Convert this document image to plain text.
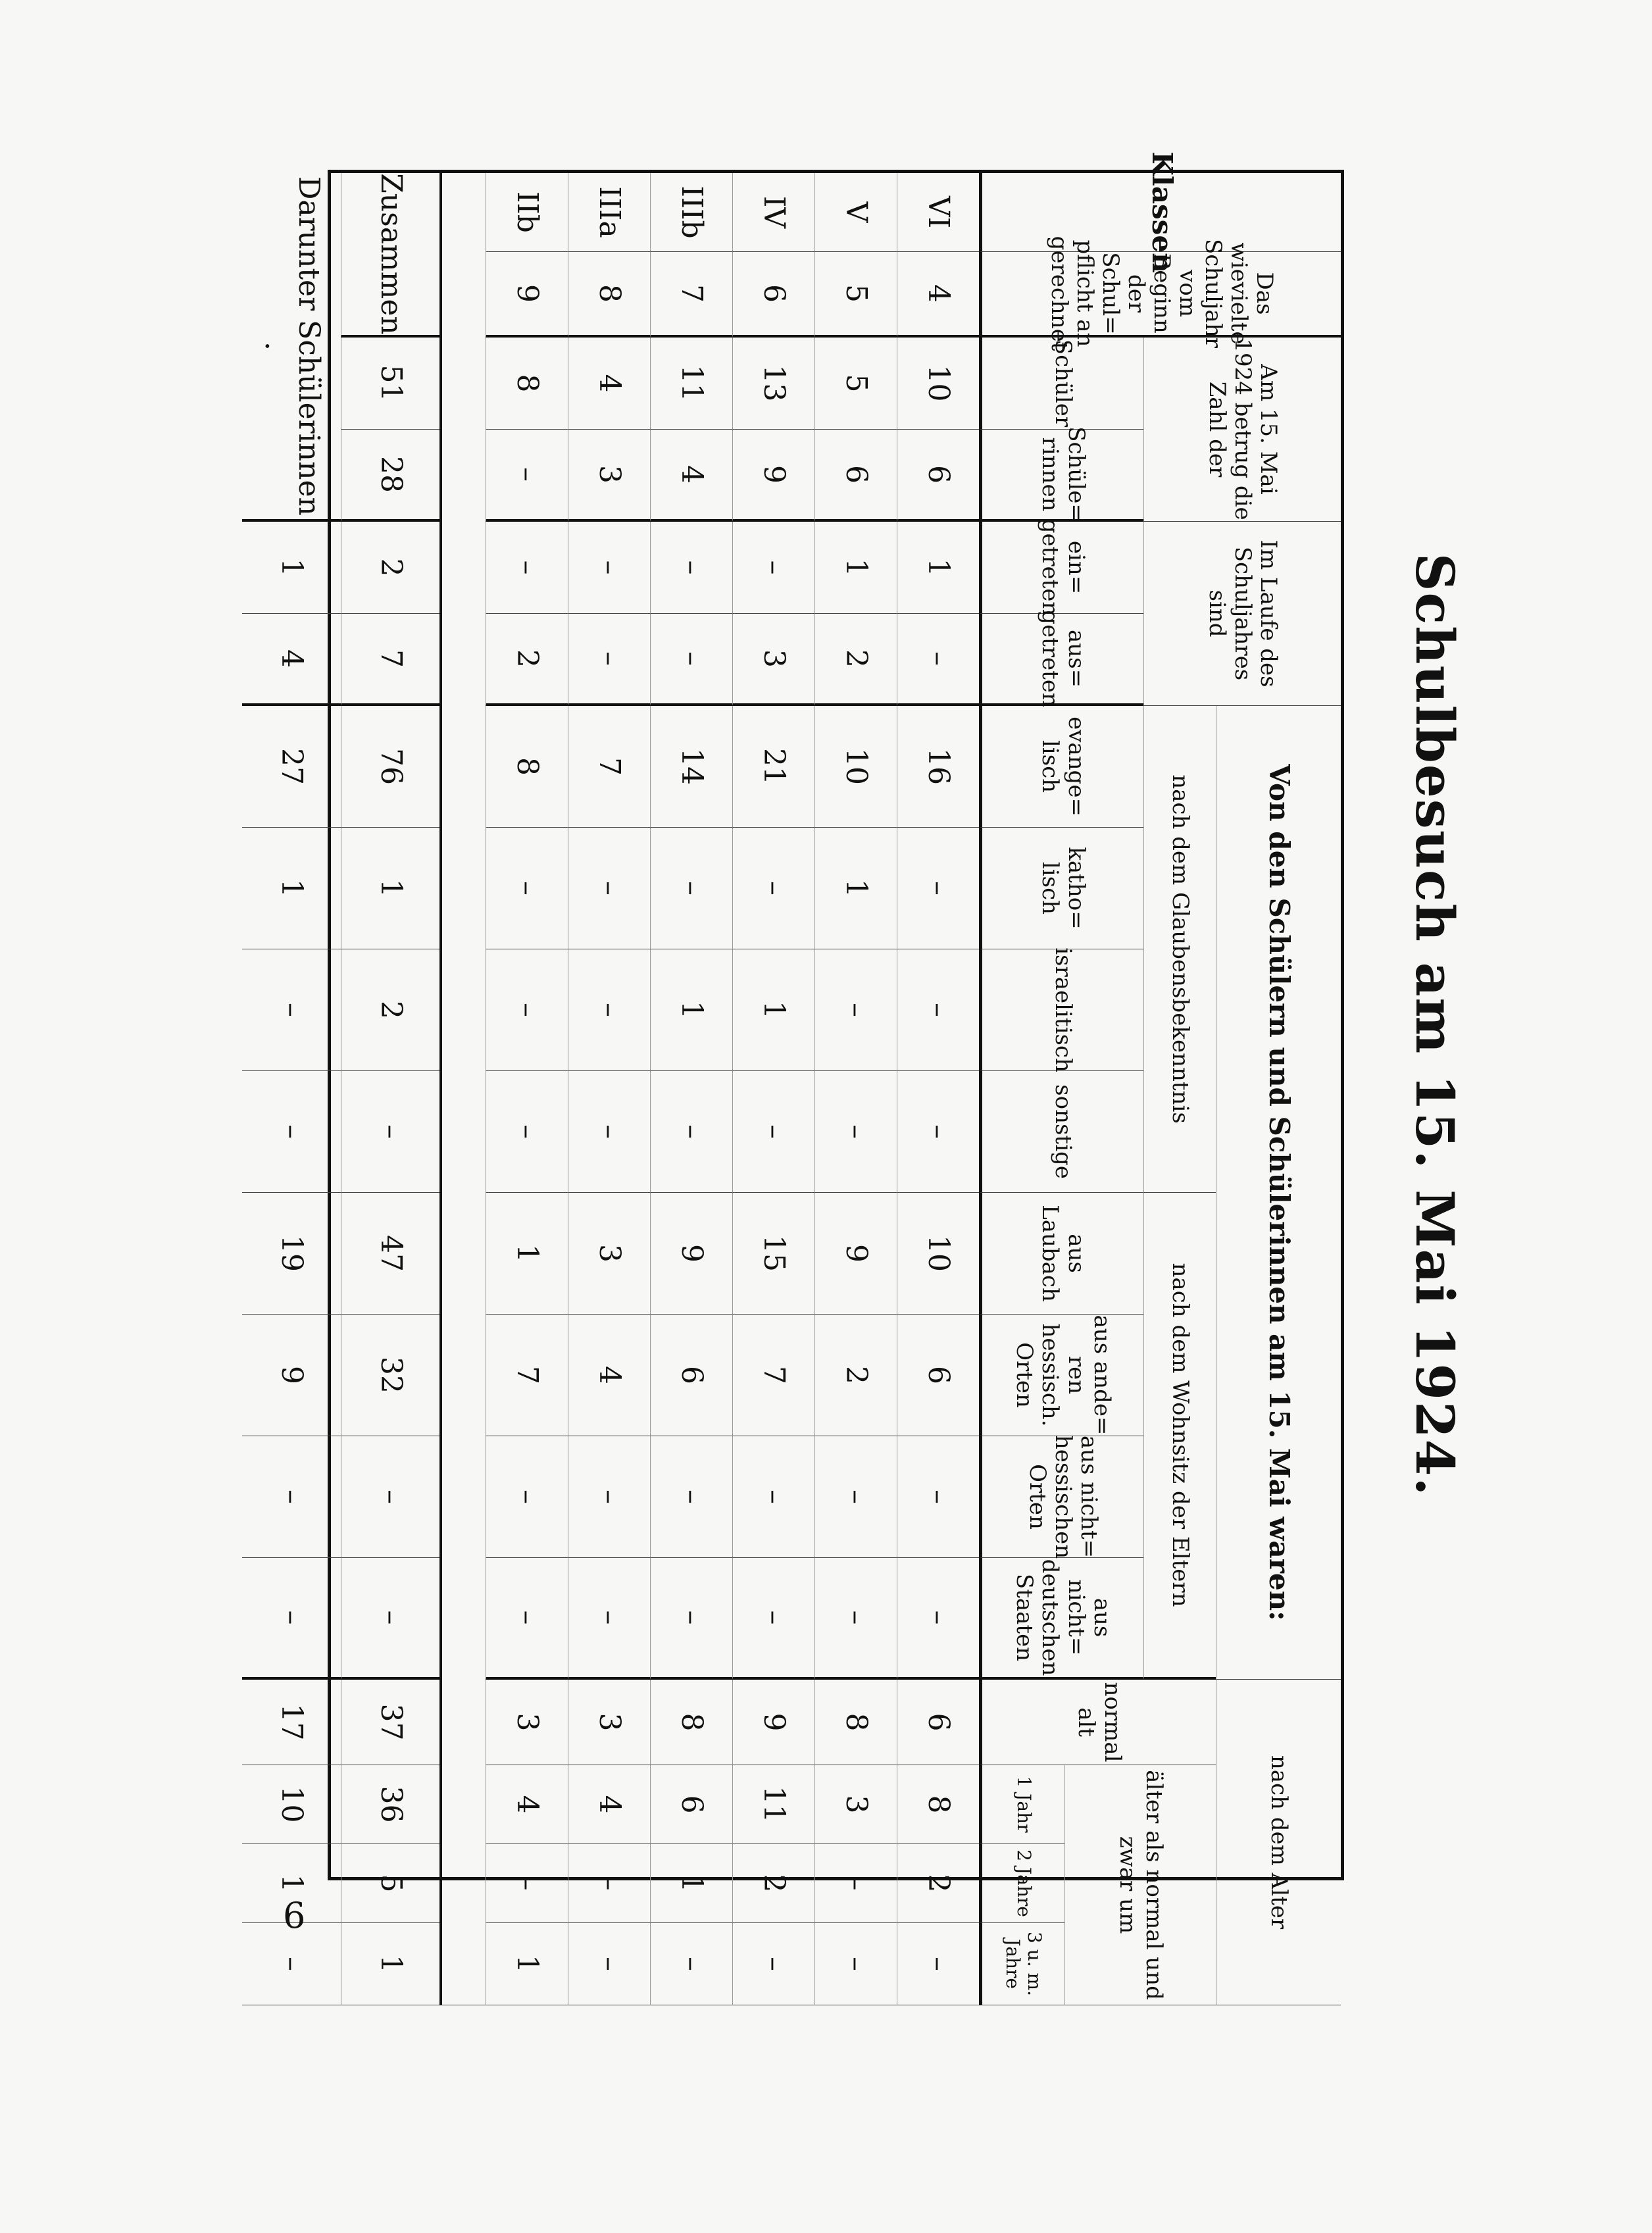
Schulbesuch am 15. Mai 1924.
Klassen
Das wievielte Schuljahr vom Beginn der Schul= pflicht an gerechnet
Am 15. Mai 1924 betrug die Zahl der
Schüler
Schüle= rinnen
Im Laufe des Schuljahres sind
ein= getreten
aus= getreten
Von den Schülern und Schülerinnen am 15. Mai waren:
nach dem Glaubensbekenntnis
nach dem Wohnsitz der Eltern
evange= lisch
katho= lisch
israelitisch
sonstige
aus Laubach
aus ande= ren hessisch. Orten
aus nicht= hessischen Orten
aus nicht= deutschen Staaten
nach dem Alter
normal alt
älter als normal und zwar um
1 Jahr
2 Jahre
3 u. m. Jahre
VI
4
10
6
1
–
16
–
–
–
10
6
–
–
6
8
2
–
V
5
5
6
1
2
10
1
–
–
9
2
–
–
8
3
–
–
IV
6
13
9
–
3
21
–
1
–
15
7
–
–
9
11
2
–
IIIb
7
11
4
–
–
14
–
1
–
9
6
–
–
8
6
1
–
IIIa
8
4
3
–
–
7
–
–
–
3
4
–
–
3
4
–
–
IIb
9
8
–
–
2
8
–
–
–
1
7
–
–
3
4
–
1
Zusammen
51
28
2
7
76
1
2
–
47
32
–
–
37
36
5
1
Darunter Schülerinnen .
1
4
27
1
–
–
19
9
–
–
17
10
1
–
6
